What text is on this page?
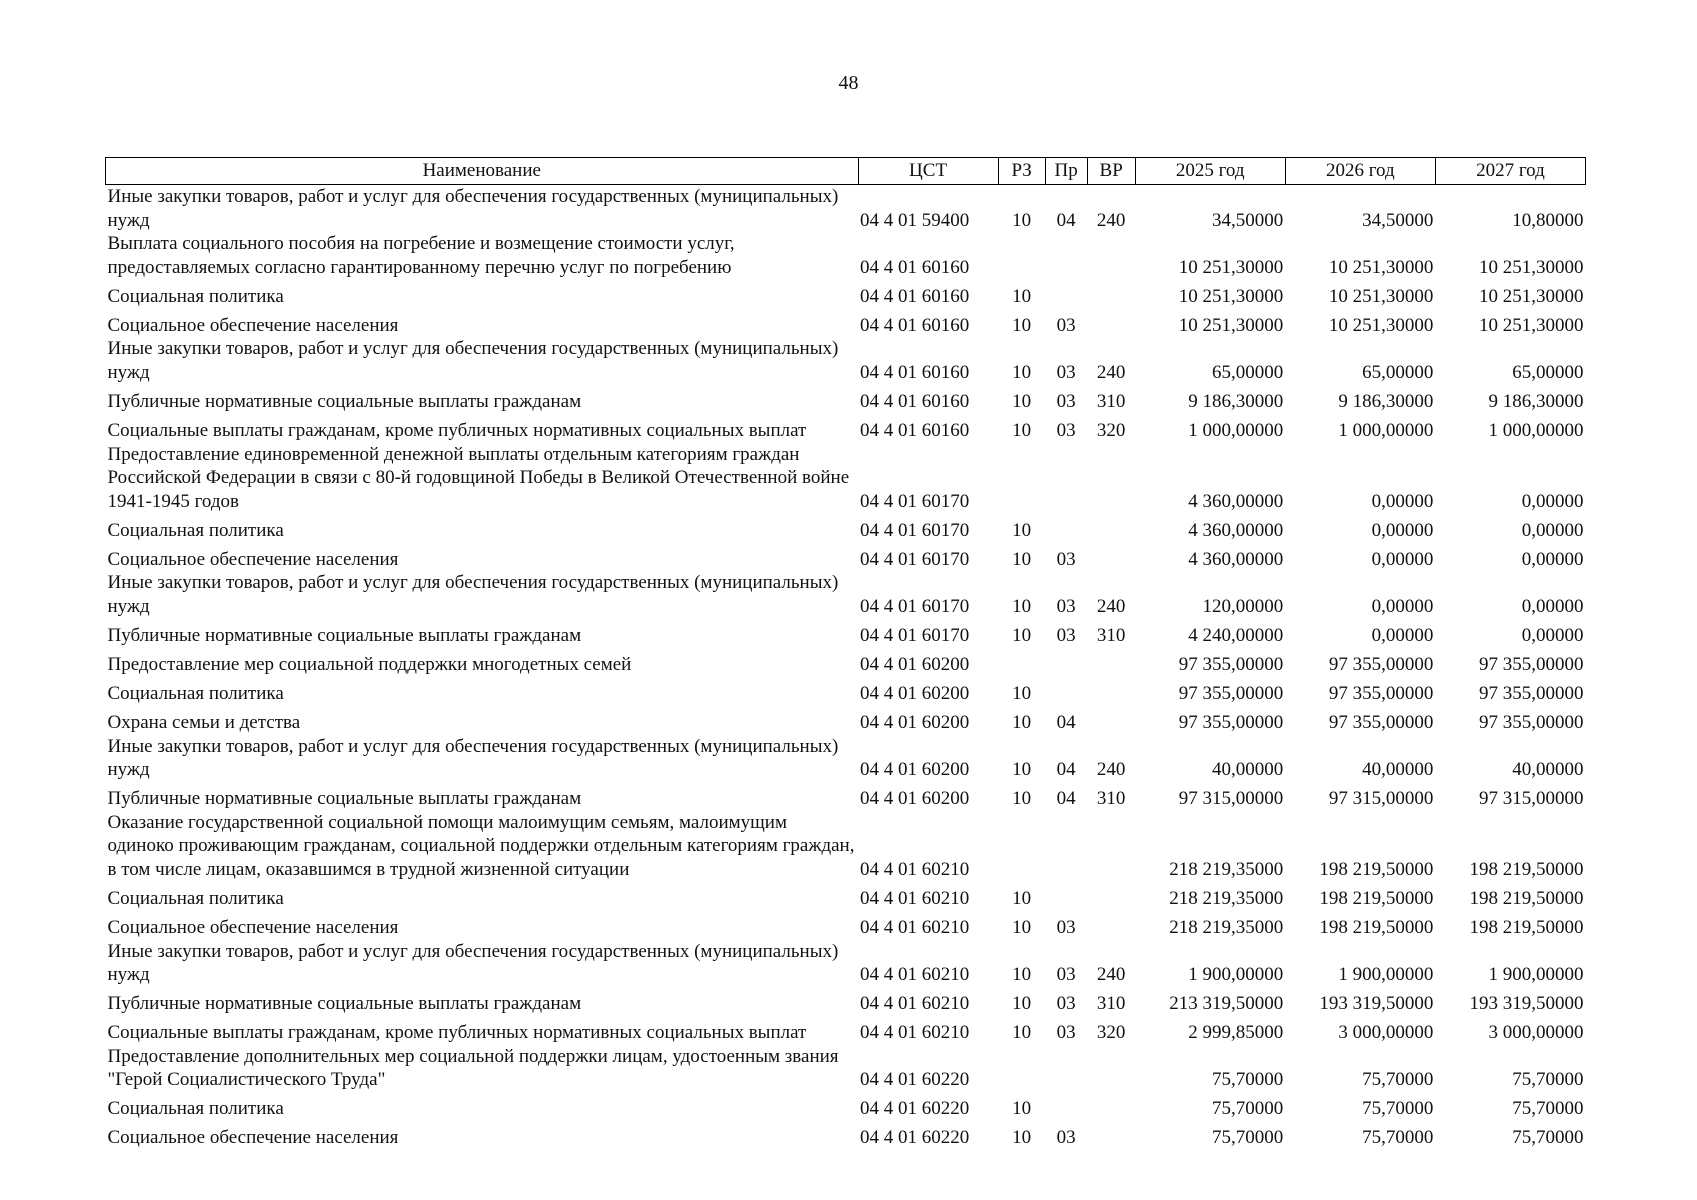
48
Наименование	ЦСТ	РЗ	Пр	ВР	2025 год	2026 год	2027 год
Иные закупки товаров, работ и услуг для обеспечения государственных (муниципальных) нужд	04 4 01 59400	10	04	240	34,50000	34,50000	10,80000
Выплата социального пособия на погребение и возмещение стоимости услуг, предоставляемых согласно гарантированному перечню услуг по погребению	04 4 01 60160				10 251,30000	10 251,30000	10 251,30000
Социальная политика	04 4 01 60160	10			10 251,30000	10 251,30000	10 251,30000
Социальное обеспечение населения	04 4 01 60160	10	03		10 251,30000	10 251,30000	10 251,30000
Иные закупки товаров, работ и услуг для обеспечения государственных (муниципальных) нужд	04 4 01 60160	10	03	240	65,00000	65,00000	65,00000
Публичные нормативные социальные выплаты гражданам	04 4 01 60160	10	03	310	9 186,30000	9 186,30000	9 186,30000
Социальные выплаты гражданам, кроме публичных нормативных социальных выплат	04 4 01 60160	10	03	320	1 000,00000	1 000,00000	1 000,00000
Предоставление единовременной денежной выплаты отдельным категориям граждан Российской Федерации в связи с 80-й годовщиной Победы в Великой Отечественной войне 1941-1945 годов	04 4 01 60170				4 360,00000	0,00000	0,00000
Социальная политика	04 4 01 60170	10			4 360,00000	0,00000	0,00000
Социальное обеспечение населения	04 4 01 60170	10	03		4 360,00000	0,00000	0,00000
Иные закупки товаров, работ и услуг для обеспечения государственных (муниципальных) нужд	04 4 01 60170	10	03	240	120,00000	0,00000	0,00000
Публичные нормативные социальные выплаты гражданам	04 4 01 60170	10	03	310	4 240,00000	0,00000	0,00000
Предоставление мер социальной поддержки многодетных семей	04 4 01 60200				97 355,00000	97 355,00000	97 355,00000
Социальная политика	04 4 01 60200	10			97 355,00000	97 355,00000	97 355,00000
Охрана семьи и детства	04 4 01 60200	10	04		97 355,00000	97 355,00000	97 355,00000
Иные закупки товаров, работ и услуг для обеспечения государственных (муниципальных) нужд	04 4 01 60200	10	04	240	40,00000	40,00000	40,00000
Публичные нормативные социальные выплаты гражданам	04 4 01 60200	10	04	310	97 315,00000	97 315,00000	97 315,00000
Оказание государственной социальной помощи малоимущим семьям, малоимущим одиноко проживающим гражданам, социальной поддержки отдельным категориям граждан, в том числе лицам, оказавшимся в трудной жизненной ситуации	04 4 01 60210				218 219,35000	198 219,50000	198 219,50000
Социальная политика	04 4 01 60210	10			218 219,35000	198 219,50000	198 219,50000
Социальное обеспечение населения	04 4 01 60210	10	03		218 219,35000	198 219,50000	198 219,50000
Иные закупки товаров, работ и услуг для обеспечения государственных (муниципальных) нужд	04 4 01 60210	10	03	240	1 900,00000	1 900,00000	1 900,00000
Публичные нормативные социальные выплаты гражданам	04 4 01 60210	10	03	310	213 319,50000	193 319,50000	193 319,50000
Социальные выплаты гражданам, кроме публичных нормативных социальных выплат	04 4 01 60210	10	03	320	2 999,85000	3 000,00000	3 000,00000
Предоставление дополнительных мер социальной поддержки лицам, удостоенным звания "Герой Социалистического Труда"	04 4 01 60220				75,70000	75,70000	75,70000
Социальная политика	04 4 01 60220	10			75,70000	75,70000	75,70000
Социальное обеспечение населения	04 4 01 60220	10	03		75,70000	75,70000	75,70000
